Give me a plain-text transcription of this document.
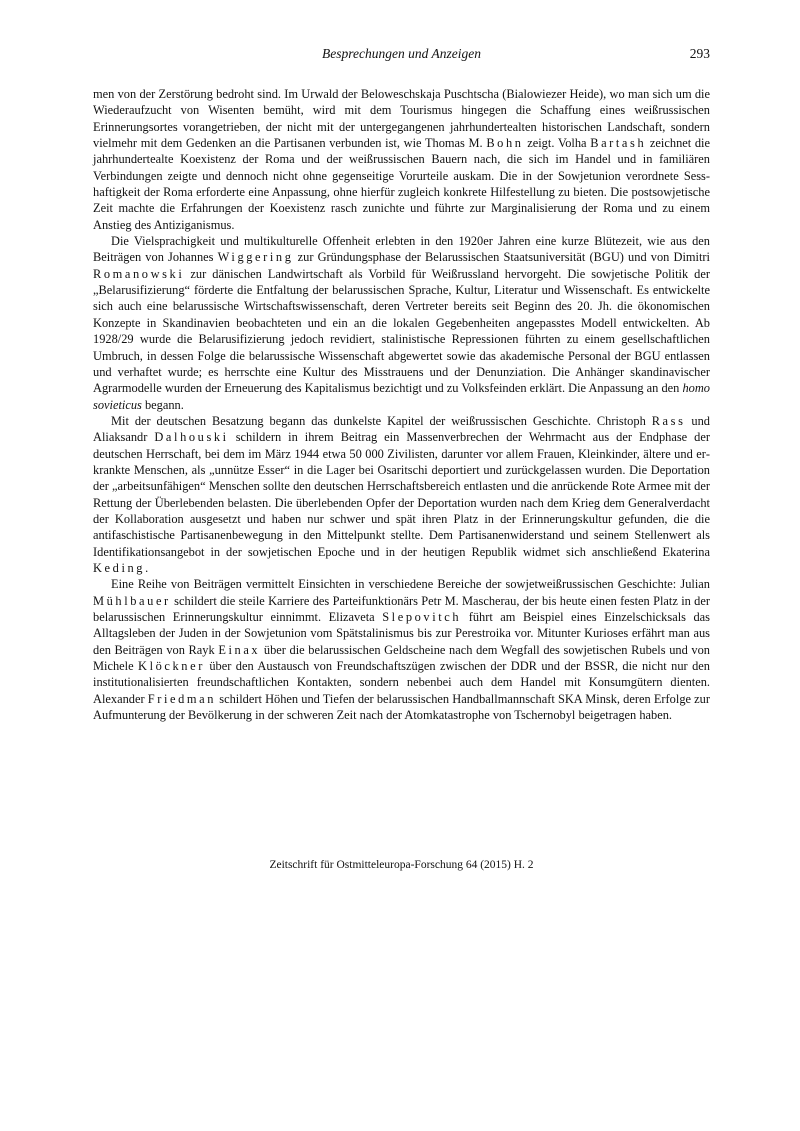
Besprechungen und Anzeigen	293

men von der Zerstörung bedroht sind. Im Urwald der Beloweschskaja Puschtscha (Bialowiezer Heide), wo man sich um die Wiederaufzucht von Wisenten bemüht, wird mit dem Tourismus hingegen die Schaffung eines weißrussischen Erinnerungsortes vorangetrieben, der nicht mit der untergegangenen jahrhundertealten historischen Landschaft, sondern vielmehr mit dem Gedenken an die Partisanen verbunden ist, wie Thomas M. Bohn zeigt. Volha Bartash zeichnet die jahrhundertealte Koexistenz der Roma und der weißrussischen Bauern nach, die sich im Handel und in familiären Verbindungen zeigte und dennoch nicht ohne gegenseitige Vorurteile auskam. Die in der Sowjetunion verordnete Sesshaftigkeit der Roma erforderte eine Anpassung, ohne hierfür zugleich konkrete Hilfestellung zu bieten. Die postsowjetische Zeit machte die Erfahrungen der Koexistenz rasch zunichte und führte zur Marginalisierung der Roma und zu einem Anstieg des Antiziganismus.

Die Vielsprachigkeit und multikulturelle Offenheit erlebten in den 1920er Jahren eine kurze Blütezeit, wie aus den Beiträgen von Johannes Wiggering zur Gründungsphase der Belarussischen Staatsuniversität (BGU) und von Dimitri Romanowski zur dänischen Landwirtschaft als Vorbild für Weißrussland hervorgeht. Die sowjetische Politik der „Belarusifizierung“ förderte die Entfaltung der belarussischen Sprache, Kultur, Literatur und Wissenschaft. Es entwickelte sich auch eine belarussische Wirtschaftswissenschaft, deren Vertreter bereits seit Beginn des 20. Jh. die ökonomischen Konzepte in Skandinavien beobachteten und ein an die lokalen Gegebenheiten angepasstes Modell entwickelten. Ab 1928/29 wurde die Belarusifizierung jedoch revidiert, stalinistische Repressionen führten zu einem gesellschaftlichen Umbruch, in dessen Folge die belarussische Wissenschaft abgewertet sowie das akademische Personal der BGU entlassen und verhaftet wurde; es herrschte eine Kultur des Misstrauens und der Denunziation. Die Anhänger skandinavischer Agrarmodelle wurden der Erneuerung des Kapitalismus bezichtigt und zu Volksfeinden erklärt. Die Anpassung an den homo sovieticus begann.

Mit der deutschen Besatzung begann das dunkelste Kapitel der weißrussischen Geschichte. Christoph Rass und Aliaksandr Dalhouski schildern in ihrem Beitrag ein Massenverbrechen der Wehrmacht aus der Endphase der deutschen Herrschaft, bei dem im März 1944 etwa 50 000 Zivilisten, darunter vor allem Frauen, Kleinkinder, ältere und erkrankte Menschen, als „unnütze Esser“ in die Lager bei Osaritschi deportiert und zurückgelassen wurden. Die Deportation der „arbeitsunfähigen“ Menschen sollte den deutschen Herrschaftsbereich entlasten und die anrückende Rote Armee mit der Rettung der Überlebenden belasten. Die überlebenden Opfer der Deportation wurden nach dem Krieg dem Generalverdacht der Kollaboration ausgesetzt und haben nur schwer und spät ihren Platz in der Erinnerungskultur gefunden, die die antifaschistische Partisanenbewegung in den Mittelpunkt stellte. Dem Partisanenwiderstand und seinem Stellenwert als Identifikationsangebot in der sowjetischen Epoche und in der heutigen Republik widmet sich anschließend Ekaterina Keding.

Eine Reihe von Beiträgen vermittelt Einsichten in verschiedene Bereiche der sowjetweißrussischen Geschichte: Julian Mühlbauer schildert die steile Karriere des Parteifunktionärs Petr M. Mascherau, der bis heute einen festen Platz in der belarussischen Erinnerungskultur einnimmt. Elizaveta Slepovitch führt am Beispiel eines Einzelschicksals das Alltagsleben der Juden in der Sowjetunion vom Spätstalinismus bis zur Perestroika vor. Mitunter Kurioses erfährt man aus den Beiträgen von Rayk Einax über die belarussischen Geldscheine nach dem Wegfall des sowjetischen Rubels und von Michele Klöckner über den Austausch von Freundschaftszügen zwischen der DDR und der BSSR, die nicht nur den institutionalisierten freundschaftlichen Kontakten, sondern nebenbei auch dem Handel mit Konsumgütern dienten. Alexander Friedman schildert Höhen und Tiefen der belarussischen Handballmannschaft SKA Minsk, deren Erfolge zur Aufmunterung der Bevölkerung in der schweren Zeit nach der Atomkatastrophe von Tschernobyl beigetragen haben.

Zeitschrift für Ostmitteleuropa-Forschung 64 (2015) H. 2
